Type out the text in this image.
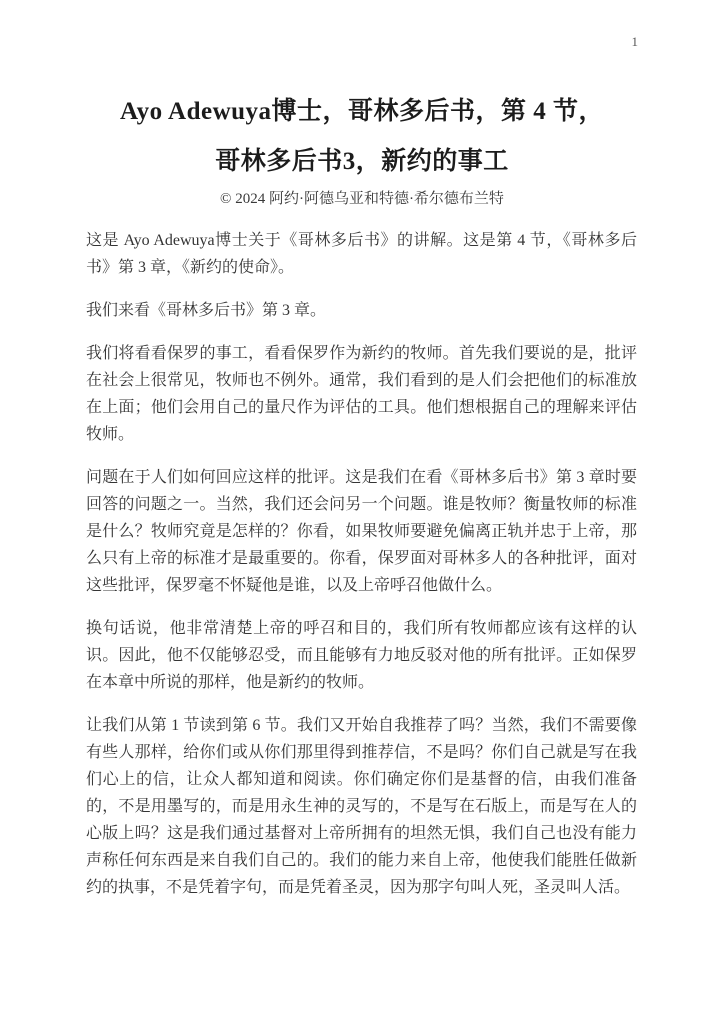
1
Ayo Adewuya博士，哥林多后书，第 4 节，
哥林多后书3，新约的事工
© 2024 阿约·阿德乌亚和特德·希尔德布兰特

这是 Ayo Adewuya博士关于《哥林多后书》的讲解。这是第 4 节，《哥林多后书》第 3 章，《新约的使命》。

我们来看《哥林多后书》第 3 章。

我们将看看保罗的事工，看看保罗作为新约的牧师。首先我们要说的是，批评在社会上很常见，牧师也不例外。通常，我们看到的是人们会把他们的标准放在上面；他们会用自己的量尺作为评估的工具。他们想根据自己的理解来评估牧师。

问题在于人们如何回应这样的批评。这是我们在看《哥林多后书》第 3 章时要回答的问题之一。当然，我们还会问另一个问题。谁是牧师？衡量牧师的标准是什么？牧师究竟是怎样的？你看，如果牧师要避免偏离正轨并忠于上帝，那么只有上帝的标准才是最重要的。你看，保罗面对哥林多人的各种批评，面对这些批评，保罗毫不怀疑他是谁，以及上帝呼召他做什么。

换句话说，他非常清楚上帝的呼召和目的，我们所有牧师都应该有这样的认识。因此，他不仅能够忍受，而且能够有力地反驳对他的所有批评。正如保罗在本章中所说的那样，他是新约的牧师。

让我们从第 1 节读到第 6 节。我们又开始自我推荐了吗？当然，我们不需要像有些人那样，给你们或从你们那里得到推荐信，不是吗？你们自己就是写在我们心上的信，让众人都知道和阅读。你们确定你们是基督的信，由我们准备的，不是用墨写的，而是用永生神的灵写的，不是写在石版上，而是写在人的心版上吗？这是我们通过基督对上帝所拥有的坦然无惧，我们自己也没有能力声称任何东西是来自我们自己的。我们的能力来自上帝，他使我们能胜任做新约的执事，不是凭着字句，而是凭着圣灵，因为那字句叫人死，圣灵叫人活。
